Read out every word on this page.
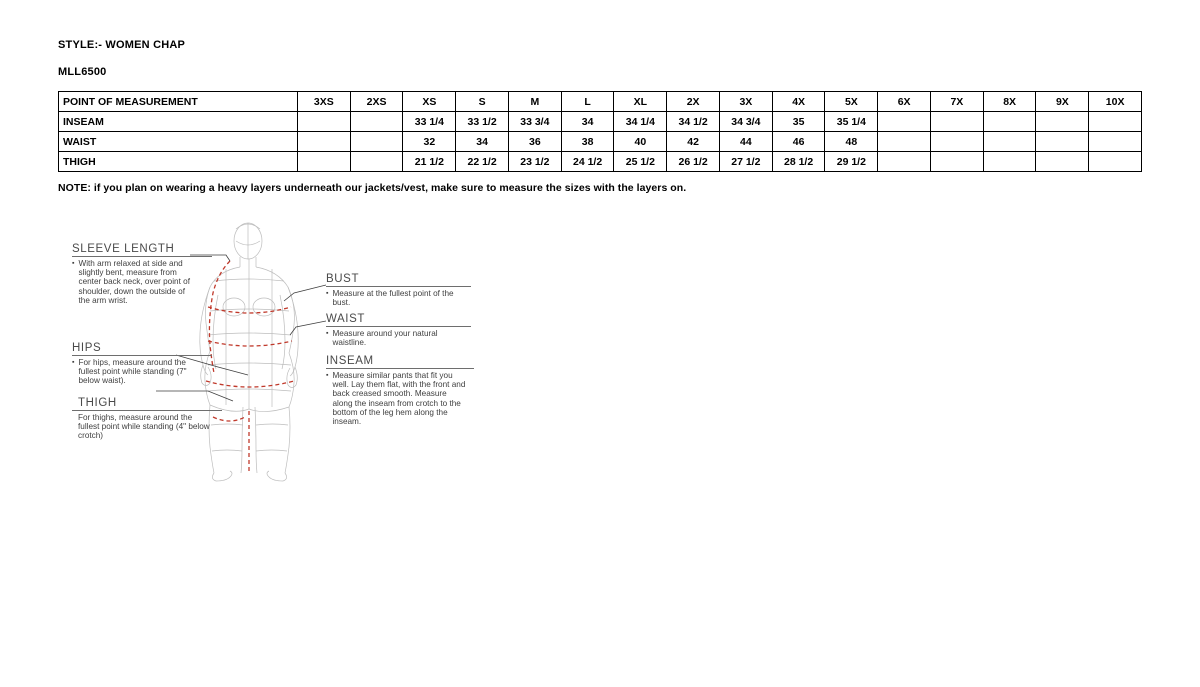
STYLE:- WOMEN CHAP
MLL6500
POINT OF MEASUREMENT	3XS	2XS	XS	S	M	L	XL	2X	3X	4X	5X	6X	7X	8X	9X	10X
INSEAM			33 1/4	33 1/2	33 3/4	34	34 1/4	34 1/2	34 3/4	35	35 1/4					
WAIST			32	34	36	38	40	42	44	46	48					
THIGH			21 1/2	22 1/2	23 1/2	24 1/2	25 1/2	26 1/2	27 1/2	28 1/2	29 1/2					
NOTE: if you plan on wearing a heavy layers underneath our jackets/vest, make sure to measure the sizes with the layers on.
SLEEVE LENGTH
▪ With arm relaxed at side and slightly bent, measure from center back neck, over point of shoulder, down the outside of the arm wrist.
HIPS
▪ For hips, measure around the fullest point while standing (7" below waist).
THIGH
For thighs, measure around the fullest point while standing (4" below crotch)
BUST
▪ Measure at the fullest point of the bust.
WAIST
▪ Measure around your natural waistline.
INSEAM
▪ Measure similar pants that fit you well. Lay them flat, with the front and back creased smooth. Measure along the inseam from crotch to the bottom of the leg hem along the inseam.
